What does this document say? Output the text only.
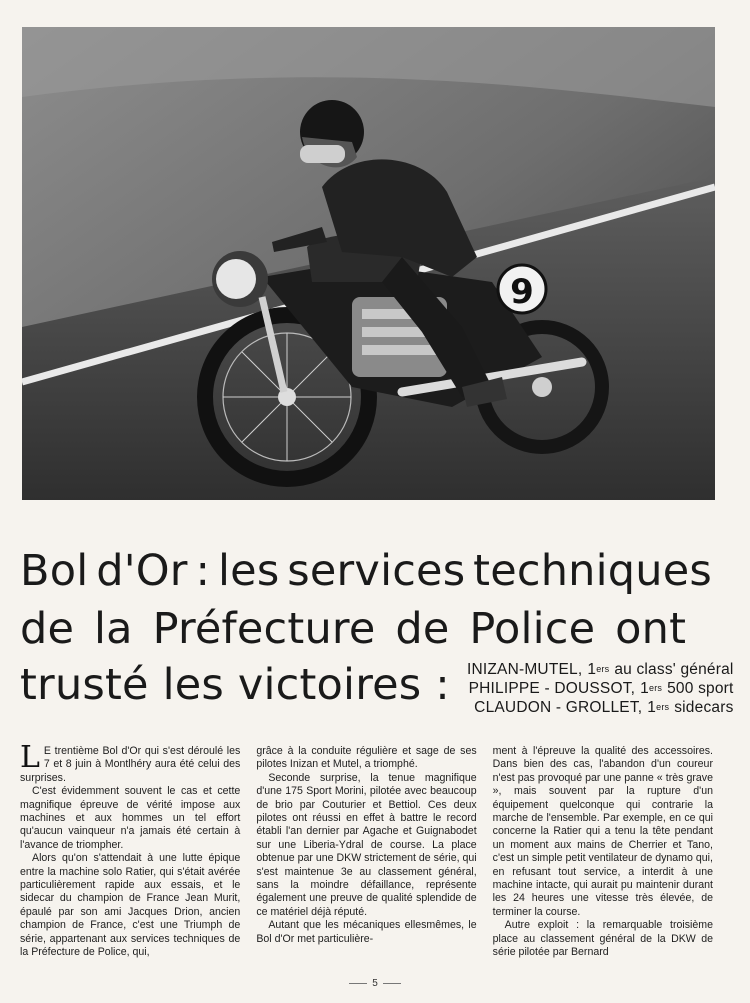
9
Bol d'Or : les services techniques
de la Préfecture de Police ont
trusté les victoires : INIZAN-MUTEL, 1ers au class' général
PHILIPPE - DOUSSOT, 1ers 500 sport
CLAUDON - GROLLET, 1ers sidecars
L E trentième Bol d'Or qui s'est déroulé les 7 et 8 juin à Montlhéry aura été celui des surprises.

C'est évidemment souvent le cas et cette magnifique épreuve de vérité impose aux machines et aux hommes un tel effort qu'aucun vainqueur n'a jamais été certain à l'avance de triompher.

Alors qu'on s'attendait à une lutte épique entre la machine solo Ratier, qui s'était avérée particulièrement rapide aux essais, et le sidecar du champion de France Jean Murit, épaulé par son ami Jacques Drion, ancien champion de France, c'est une Triumph de série, appartenant aux services techniques de la Préfecture de Police, qui,

grâce à la conduite régulière et sage de ses pilotes Inizan et Mutel, a triomphé.

Seconde surprise, la tenue magnifique d'une 175 Sport Morini, pilotée avec beaucoup de brio par Couturier et Bettiol. Ces deux pilotes ont réussi en effet à battre le record établi l'an dernier par Agache et Guignabodet sur une Liberia-Ydral de course. La place obtenue par une DKW strictement de série, qui s'est maintenue 3e au classement général, sans la moindre défaillance, représente également une preuve de qualité splendide de ce matériel déjà réputé.

Autant que les mécaniques ellesmêmes, le Bol d'Or met particulière-

ment à l'épreuve la qualité des accessoires. Dans bien des cas, l'abandon d'un coureur n'est pas provoqué par une panne « très grave », mais souvent par la rupture d'un équipement quelconque qui contrarie la marche de l'ensemble. Par exemple, en ce qui concerne la Ratier qui a tenu la tête pendant un moment aux mains de Cherrier et Tano, c'est un simple petit ventilateur de dynamo qui, en refusant tout service, a interdit à une machine intacte, qui aurait pu maintenir durant les 24 heures une vitesse très élevée, de terminer la course.

Autre exploit : la remarquable troisième place au classement général de la DKW de série pilotée par Bernard

5
